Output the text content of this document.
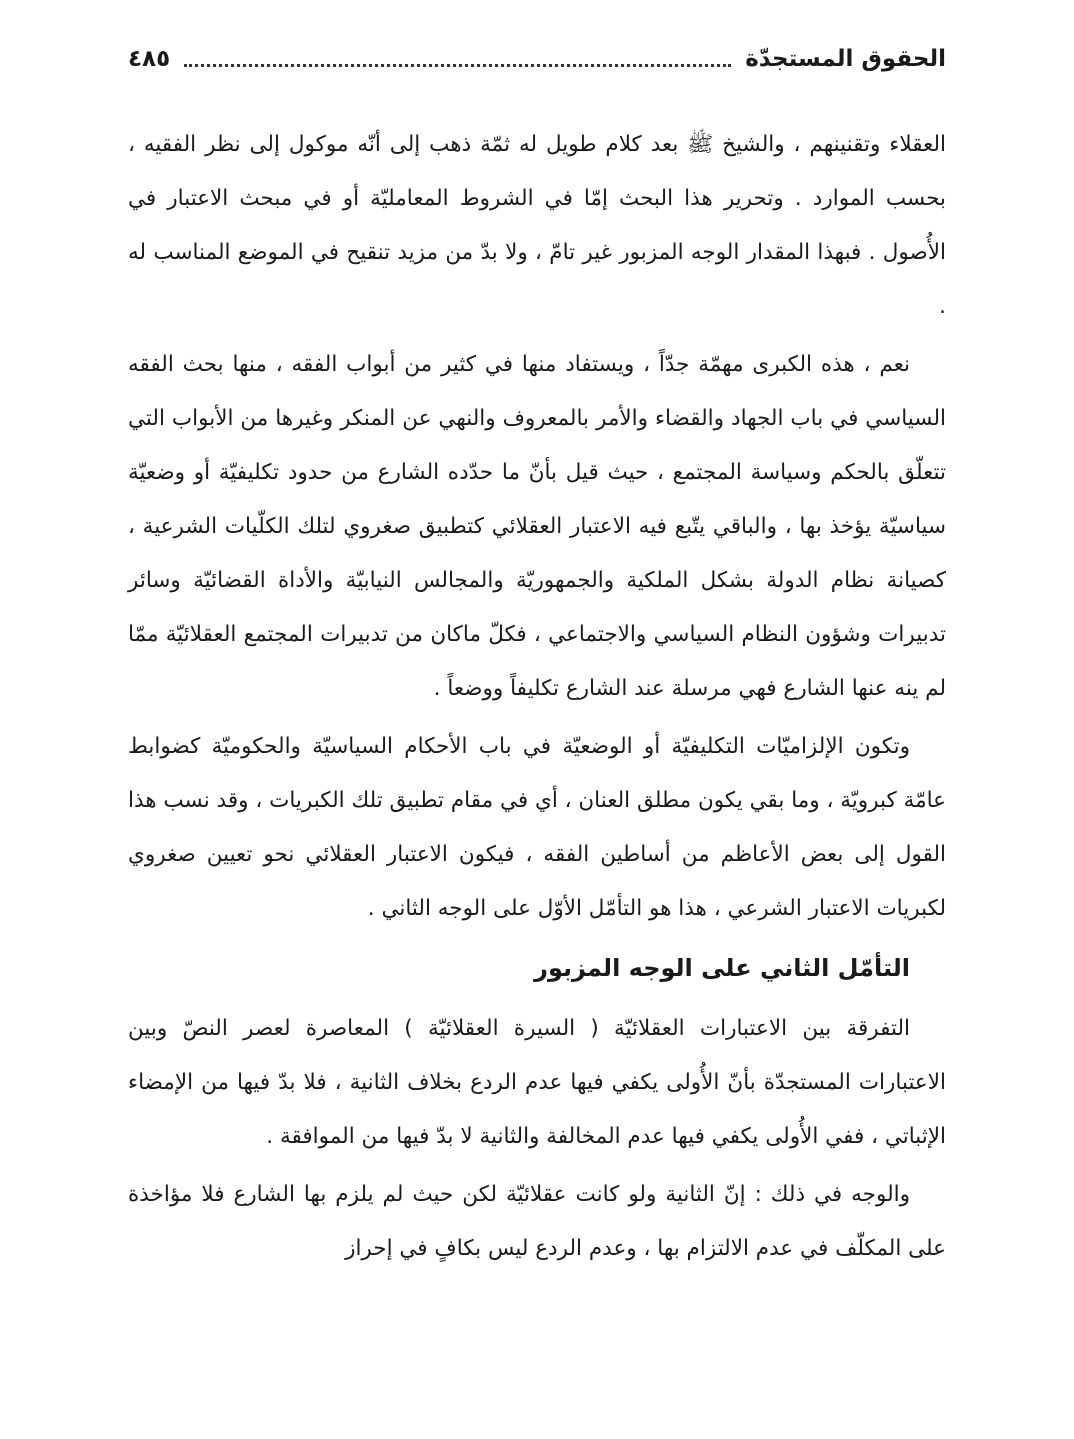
الحقوق المستجدّة
٤٨٥

العقلاء وتقنينهم ، والشيخ ﷺ بعد كلام طويل له ثمّة ذهب إلى أنّه موكول إلى نظر الفقيه ، بحسب الموارد . وتحرير هذا البحث إمّا في الشروط المعامليّة أو في مبحث الاعتبار في الأُصول . فبهذا المقدار الوجه المزبور غير تامّ ، ولا بدّ من مزيد تنقيح في الموضع المناسب له .

نعم ، هذه الكبرى مهمّة جدّاً ، ويستفاد منها في كثير من أبواب الفقه ، منها بحث الفقه السياسي في باب الجهاد والقضاء والأمر بالمعروف والنهي عن المنكر وغيرها من الأبواب التي تتعلّق بالحكم وسياسة المجتمع ، حيث قيل بأنّ ما حدّده الشارع من حدود تكليفيّة أو وضعيّة سياسيّة يؤخذ بها ، والباقي يتّبع فيه الاعتبار العقلائي كتطبيق صغروي لتلك الكلّيات الشرعية ، كصيانة نظام الدولة بشكل الملكية والجمهوريّة والمجالس النيابيّة والأداة القضائيّة وسائر تدبيرات وشؤون النظام السياسي والاجتماعي ، فكلّ ماكان من تدبيرات المجتمع العقلائيّة ممّا لم ينه عنها الشارع فهي مرسلة عند الشارع تكليفاً ووضعاً .

وتكون الإلزاميّات التكليفيّة أو الوضعيّة في باب الأحكام السياسيّة والحكوميّة كضوابط عامّة كبرويّة ، وما بقي يكون مطلق العنان ، أي في مقام تطبيق تلك الكبريات ، وقد نسب هذا القول إلى بعض الأعاظم من أساطين الفقه ، فيكون الاعتبار العقلائي نحو تعيين صغروي لكبريات الاعتبار الشرعي ، هذا هو التأمّل الأوّل على الوجه الثاني .

التأمّل الثاني على الوجه المزبور

التفرقة بين الاعتبارات العقلائيّة ( السيرة العقلائيّة ) المعاصرة لعصر النصّ وبين الاعتبارات المستجدّة بأنّ الأُولى يكفي فيها عدم الردع بخلاف الثانية ، فلا بدّ فيها من الإمضاء الإثباتي ، ففي الأُولى يكفي فيها عدم المخالفة والثانية لا بدّ فيها من الموافقة .

والوجه في ذلك : إنّ الثانية ولو كانت عقلائيّة لكن حيث لم يلزم بها الشارع فلا مؤاخذة على المكلّف في عدم الالتزام بها ، وعدم الردع ليس بكافٍ في إحراز
